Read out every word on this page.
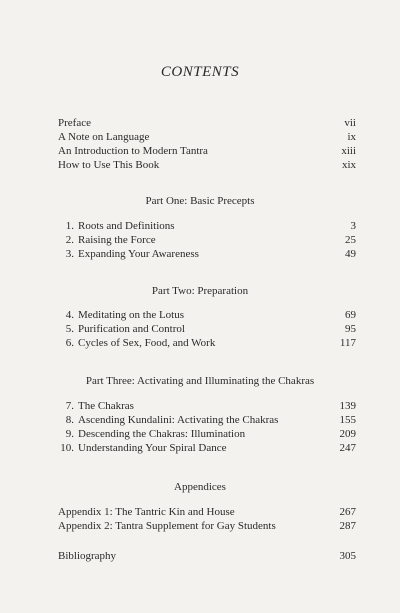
CONTENTS
Preface	vii
A Note on Language	ix
An Introduction to Modern Tantra	xiii
How to Use This Book	xix
Part One: Basic Precepts
1. Roots and Definitions	3
2. Raising the Force	25
3. Expanding Your Awareness	49
Part Two: Preparation
4. Meditating on the Lotus	69
5. Purification and Control	95
6. Cycles of Sex, Food, and Work	117
Part Three: Activating and Illuminating the Chakras
7. The Chakras	139
8. Ascending Kundalini: Activating the Chakras	155
9. Descending the Chakras: Illumination	209
10. Understanding Your Spiral Dance	247
Appendices
Appendix 1: The Tantric Kin and House	267
Appendix 2: Tantra Supplement for Gay Students	287
Bibliography	305
